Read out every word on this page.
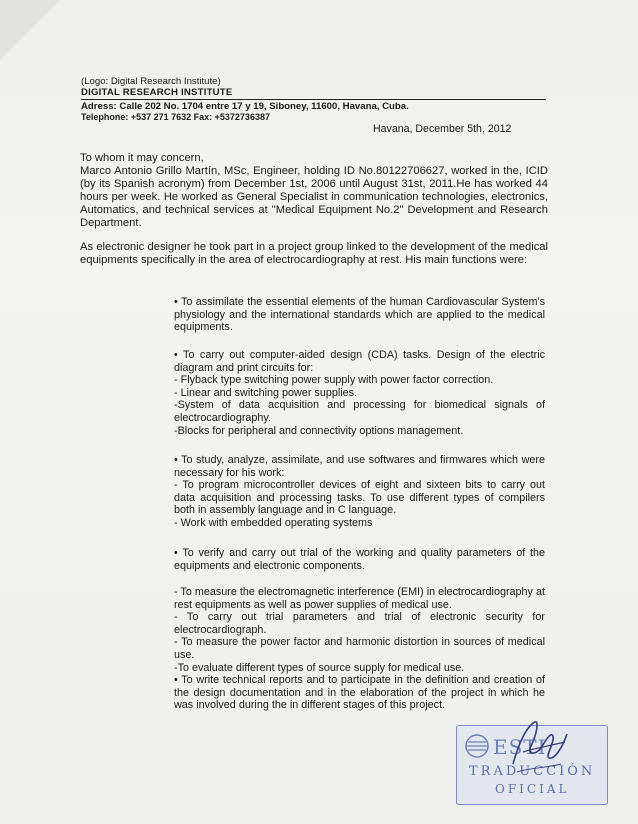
(Logo: Digital Research Institute)
DIGITAL RESEARCH INSTITUTE
Adress: Calle 202 No. 1704 entre 17 y 19, Siboney, 11600, Havana, Cuba.
Telephone: +537 271 7632 Fax: +5372736387
Havana, December 5th, 2012

To whom it may concern,

Marco Antonio Grillo Martín, MSc, Engineer, holding ID No.80122706627, worked in the, ICID (by its Spanish acronym) from December 1st, 2006 until August 31st, 2011.He has worked 44 hours per week. He worked as General Specialist in communication technologies, electronics, Automatics, and technical services at "Medical Equipment No.2" Development and Research Department.

As electronic designer he took part in a project group linked to the development of the medical equipments specifically in the area of electrocardiography at rest. His main functions were:

• To assimilate the essential elements of the human Cardiovascular System's physiology and the international standards which are applied to the medical equipments.

• To carry out computer-aided design (CDA) tasks. Design of the electric diagram and print circuits for:

- Flyback type switching power supply with power factor correction.

- Linear and switching power supplies.

-System of data acquisition and processing for biomedical signals of electrocardiography.

-Blocks for peripheral and connectivity options management.

• To study, analyze, assimilate, and use softwares and firmwares which were necessary for his work:

- To program microcontroller devices of eight and sixteen bits to carry out data acquisition and processing tasks. To use different types of compilers both in assembly language and in C language.

- Work with embedded operating systems

• To verify and carry out trial of the working and quality parameters of the equipments and electronic components.

- To measure the electromagnetic interference (EMI) in electrocardiography at rest equipments as well as power supplies of medical use.

- To carry out trial parameters and trial of electronic security for electrocardiograph.

- To measure the power factor and harmonic distortion in sources of medical use.

-To evaluate different types of source supply for medical use.

• To write technical reports and to participate in the definition and creation of the design documentation and in the elaboration of the project in which he was involved during the in different stages of this project.

ESTI
TRADUCCIÓN
OFICIAL
